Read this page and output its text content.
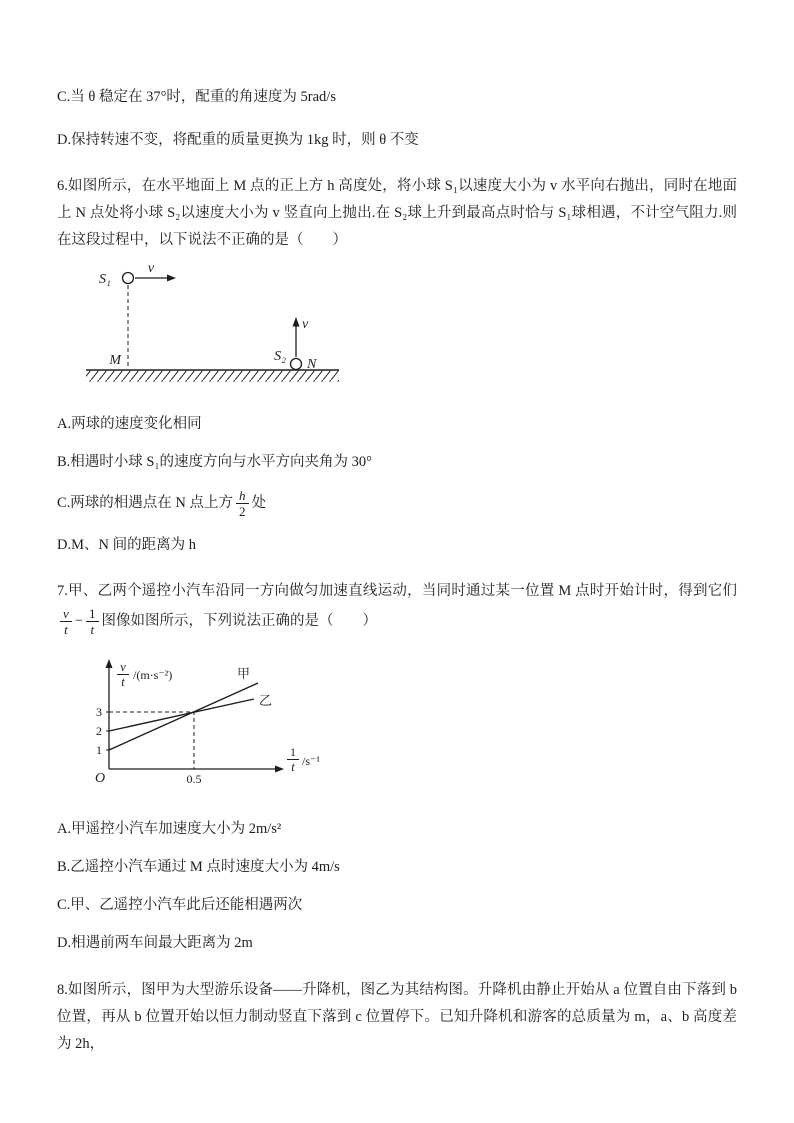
C.当 θ 稳定在 37°时，配重的角速度为 5rad/s

D.保持转速不变，将配重的质量更换为 1kg 时，则 θ 不变

6.如图所示，在水平地面上 M 点的正上方 h 高度处，将小球 S₁以速度大小为 v 水平向右抛出，同时在地面上 N 点处将小球 S₂以速度大小为 v 竖直向上抛出.在 S₂球上升到最高点时恰与 S₁球相遇，不计空气阻力.则在这段过程中，以下说法不正确的是（　　）

S₁
v
M	S₂
v
N

A.两球的速度变化相同

B.相遇时小球 S₁的速度方向与水平方向夹角为 30°

C.两球的相遇点在 N 点上方 $\frac{h}{2}$ 处

D.M、N 间的距离为 h

7.甲、乙两个遥控小汽车沿同一方向做匀加速直线运动，当同时通过某一位置 M 点时开始计时，得到它们
$\frac{v}{t} - \frac{1}{t}$ 图像如图所示，下列说法正确的是（　　）

O
v
t /(m·s⁻²)
1
2
3
0.5
甲
乙
1
t /s⁻¹

A.甲遥控小汽车加速度大小为 2m/s²

B.乙遥控小汽车通过 M 点时速度大小为 4m/s

C.甲、乙遥控小汽车此后还能相遇两次

D.相遇前两车间最大距离为 2m

8.如图所示，图甲为大型游乐设备——升降机，图乙为其结构图。升降机由静止开始从 a 位置自由下落到 b 位置，再从 b 位置开始以恒力制动竖直下落到 c 位置停下。已知升降机和游客的总质量为 m，a、b 高度差为 2h，
